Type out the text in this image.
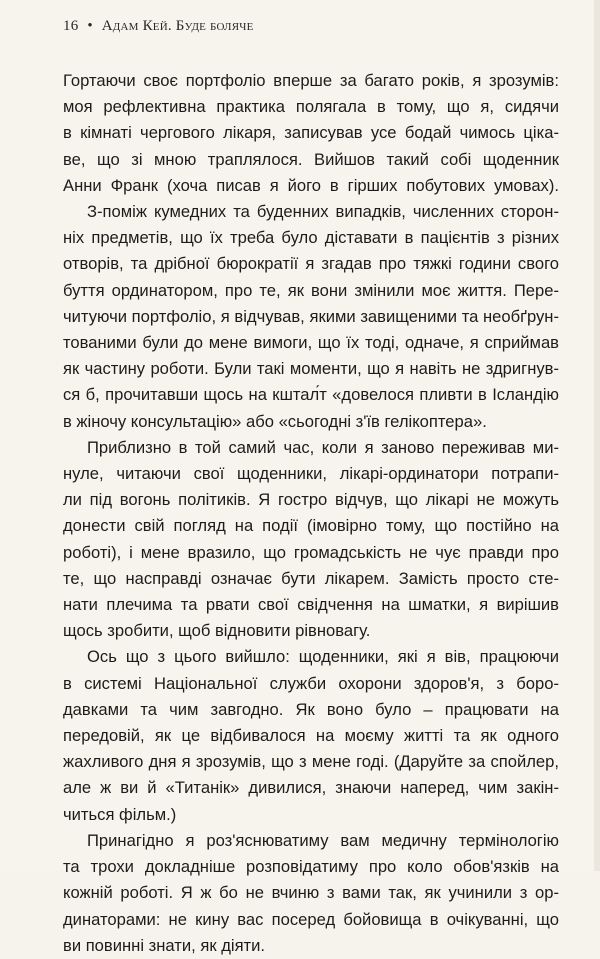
16 • Адам Кей. Буде боляче

Гортаючи своє портфоліо вперше за багато років, я зрозумів:
моя рефлективна практика полягала в тому, що я, сидячи
в кімнаті чергового лікаря, записував усе бодай чимось ціка-
ве, що зі мною траплялося. Вийшов такий собі щоденник
Анни Франк (хоча писав я його в гірших побутових умовах).

З-поміж кумедних та буденних випадків, численних сторон-
ніх предметів, що їх треба було діставати в пацієнтів з різних
отворів, та дрібної бюрократії я згадав про тяжкі години свого
буття ординатором, про те, як вони змінили моє життя. Пере-
читуючи портфоліо, я відчував, якими завищеними та необґрун-
тованими були до мене вимоги, що їх тоді, одначе, я сприймав
як частину роботи. Були такі моменти, що я навіть не здригнув-
ся б, прочитавши щось на кштал́т «довелося пливти в Ісландію
в жіночу консультацію» або «сьогодні з'їв гелікоптера».

Приблизно в той самий час, коли я заново переживав ми-
нуле, читаючи свої щоденники, лікарі-ординатори потрапи-
ли під вогонь політиків. Я гостро відчув, що лікарі не можуть
донести свій погляд на події (імовірно тому, що постійно на
роботі), і мене вразило, що громадськість не чує правди про
те, що насправді означає бути лікарем. Замість просто сте-
нати плечима та рвати свої свідчення на шматки, я вирішив
щось зробити, щоб відновити рівновагу.

Ось що з цього вийшло: щоденники, які я вів, працюючи
в системі Національної служби охорони здоров'я, з боро-
давками та чим завгодно. Як воно було – працювати на
передовій, як це відбивалося на моєму житті та як одного
жахливого дня я зрозумів, що з мене годі. (Даруйте за спойлер,
але ж ви й «Титанік» дивилися, знаючи наперед, чим закін-
читься фільм.)

Принагідно я роз'яснюватиму вам медичну термінологію
та трохи докладніше розповідатиму про коло обов'язків на
кожній роботі. Я ж бо не вчиню з вами так, як учинили з ор-
динаторами: не кину вас посеред бойовища в очікуванні, що
ви повинні знати, як діяти.
